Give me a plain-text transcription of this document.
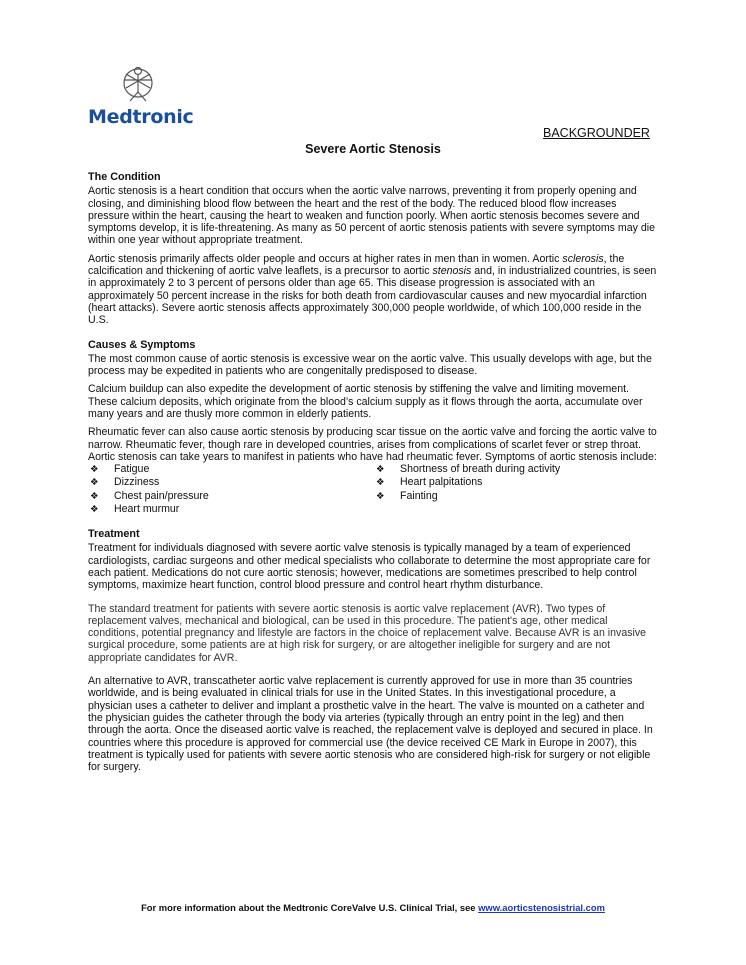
Medtronic
BACKGROUNDER
Severe Aortic Stenosis
The Condition

Aortic stenosis is a heart condition that occurs when the aortic valve narrows, preventing it from properly opening and closing, and diminishing blood flow between the heart and the rest of the body. The reduced blood flow increases pressure within the heart, causing the heart to weaken and function poorly. When aortic stenosis becomes severe and symptoms develop, it is life-threatening. As many as 50 percent of aortic stenosis patients with severe symptoms may die within one year without appropriate treatment.

Aortic stenosis primarily affects older people and occurs at higher rates in men than in women. Aortic sclerosis, the calcification and thickening of aortic valve leaflets, is a precursor to aortic stenosis and, in industrialized countries, is seen in approximately 2 to 3 percent of persons older than age 65. This disease progression is associated with an approximately 50 percent increase in the risks for both death from cardiovascular causes and new myocardial infarction (heart attacks). Severe aortic stenosis affects approximately 300,000 people worldwide, of which 100,000 reside in the U.S.

Causes & Symptoms

The most common cause of aortic stenosis is excessive wear on the aortic valve. This usually develops with age, but the process may be expedited in patients who are congenitally predisposed to disease.

Calcium buildup can also expedite the development of aortic stenosis by stiffening the valve and limiting movement. These calcium deposits, which originate from the blood’s calcium supply as it flows through the aorta, accumulate over many years and are thusly more common in elderly patients.

Rheumatic fever can also cause aortic stenosis by producing scar tissue on the aortic valve and forcing the aortic valve to narrow. Rheumatic fever, though rare in developed countries, arises from complications of scarlet fever or strep throat. Aortic stenosis can take years to manifest in patients who have had rheumatic fever. Symptoms of aortic stenosis include:

❖ Fatigue
❖ Dizziness
❖ Chest pain/pressure
❖ Heart murmur
❖ Shortness of breath during activity
❖ Heart palpitations
❖ Fainting
Treatment

Treatment for individuals diagnosed with severe aortic valve stenosis is typically managed by a team of experienced cardiologists, cardiac surgeons and other medical specialists who collaborate to determine the most appropriate care for each patient. Medications do not cure aortic stenosis; however, medications are sometimes prescribed to help control symptoms, maximize heart function, control blood pressure and control heart rhythm disturbance.

The standard treatment for patients with severe aortic stenosis is aortic valve replacement (AVR). Two types of replacement valves, mechanical and biological, can be used in this procedure. The patient's age, other medical conditions, potential pregnancy and lifestyle are factors in the choice of replacement valve. Because AVR is an invasive surgical procedure, some patients are at high risk for surgery, or are altogether ineligible for surgery and are not appropriate candidates for AVR.

An alternative to AVR, transcatheter aortic valve replacement is currently approved for use in more than 35 countries worldwide, and is being evaluated in clinical trials for use in the United States. In this investigational procedure, a physician uses a catheter to deliver and implant a prosthetic valve in the heart. The valve is mounted on a catheter and the physician guides the catheter through the body via arteries (typically through an entry point in the leg) and then through the aorta. Once the diseased aortic valve is reached, the replacement valve is deployed and secured in place. In countries where this procedure is approved for commercial use (the device received CE Mark in Europe in 2007), this treatment is typically used for patients with severe aortic stenosis who are considered high-risk for surgery or not eligible for surgery.

For more information about the Medtronic CoreValve U.S. Clinical Trial, see www.aorticstenosistrial.com
